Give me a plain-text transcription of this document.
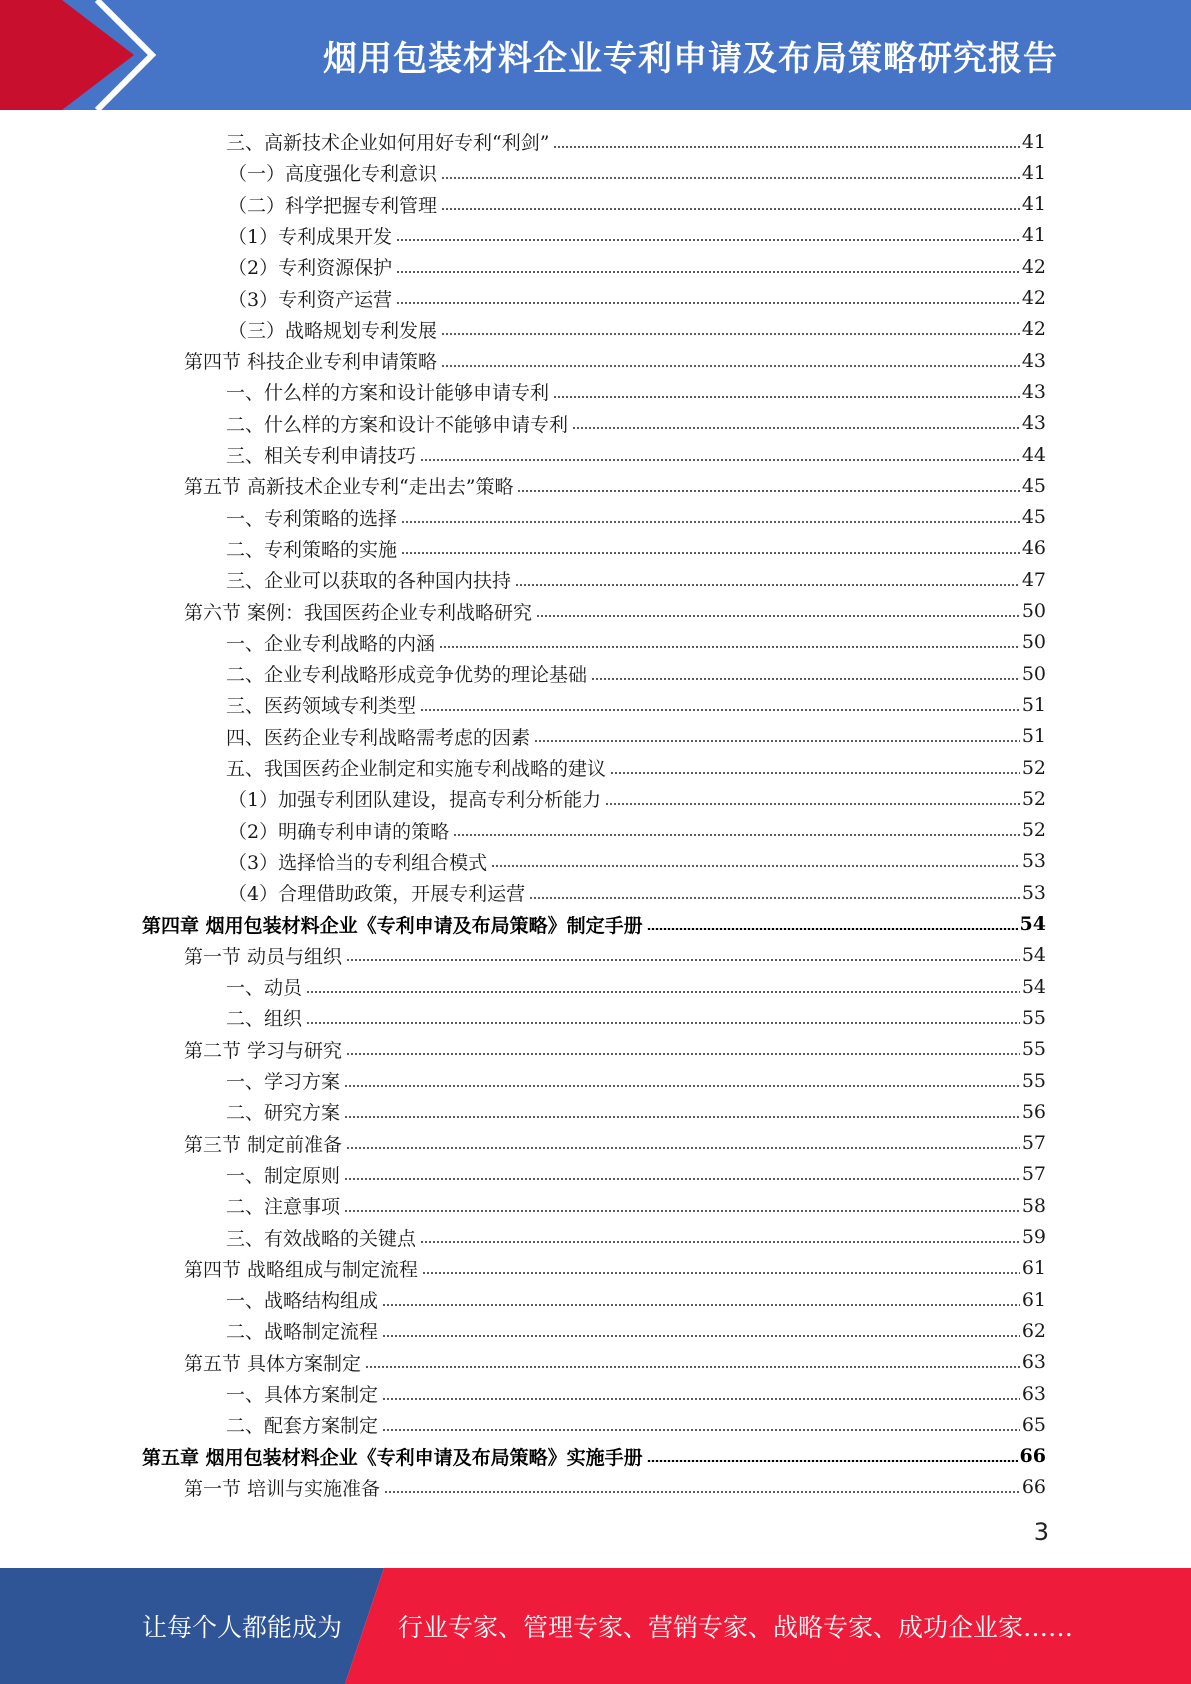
烟用包装材料企业专利申请及布局策略研究报告
三、高新技术企业如何用好专利“利剑”	41
（一）高度强化专利意识	41
（二）科学把握专利管理	41
（1）专利成果开发	41
（2）专利资源保护	42
（3）专利资产运营	42
（三）战略规划专利发展	42
第四节 科技企业专利申请策略	43
一、什么样的方案和设计能够申请专利	43
二、什么样的方案和设计不能够申请专利	43
三、相关专利申请技巧	44
第五节 高新技术企业专利“走出去”策略	45
一、专利策略的选择	45
二、专利策略的实施	46
三、企业可以获取的各种国内扶持	47
第六节 案例：我国医药企业专利战略研究	50
一、企业专利战略的内涵	50
二、企业专利战略形成竞争优势的理论基础	50
三、医药领域专利类型	51
四、医药企业专利战略需考虑的因素	51
五、我国医药企业制定和实施专利战略的建议	52
（1）加强专利团队建设，提高专利分析能力	52
（2）明确专利申请的策略	52
（3）选择恰当的专利组合模式	53
（4）合理借助政策，开展专利运营	53
第四章 烟用包装材料企业《专利申请及布局策略》制定手册	54
第一节 动员与组织	54
一、动员	54
二、组织	55
第二节 学习与研究	55
一、学习方案	55
二、研究方案	56
第三节 制定前准备	57
一、制定原则	57
二、注意事项	58
三、有效战略的关键点	59
第四节 战略组成与制定流程	61
一、战略结构组成	61
二、战略制定流程	62
第五节 具体方案制定	63
一、具体方案制定	63
二、配套方案制定	65
第五章 烟用包装材料企业《专利申请及布局策略》实施手册	66
第一节 培训与实施准备	66
3
让每个人都能成为 行业专家、管理专家、营销专家、战略专家、成功企业家……
